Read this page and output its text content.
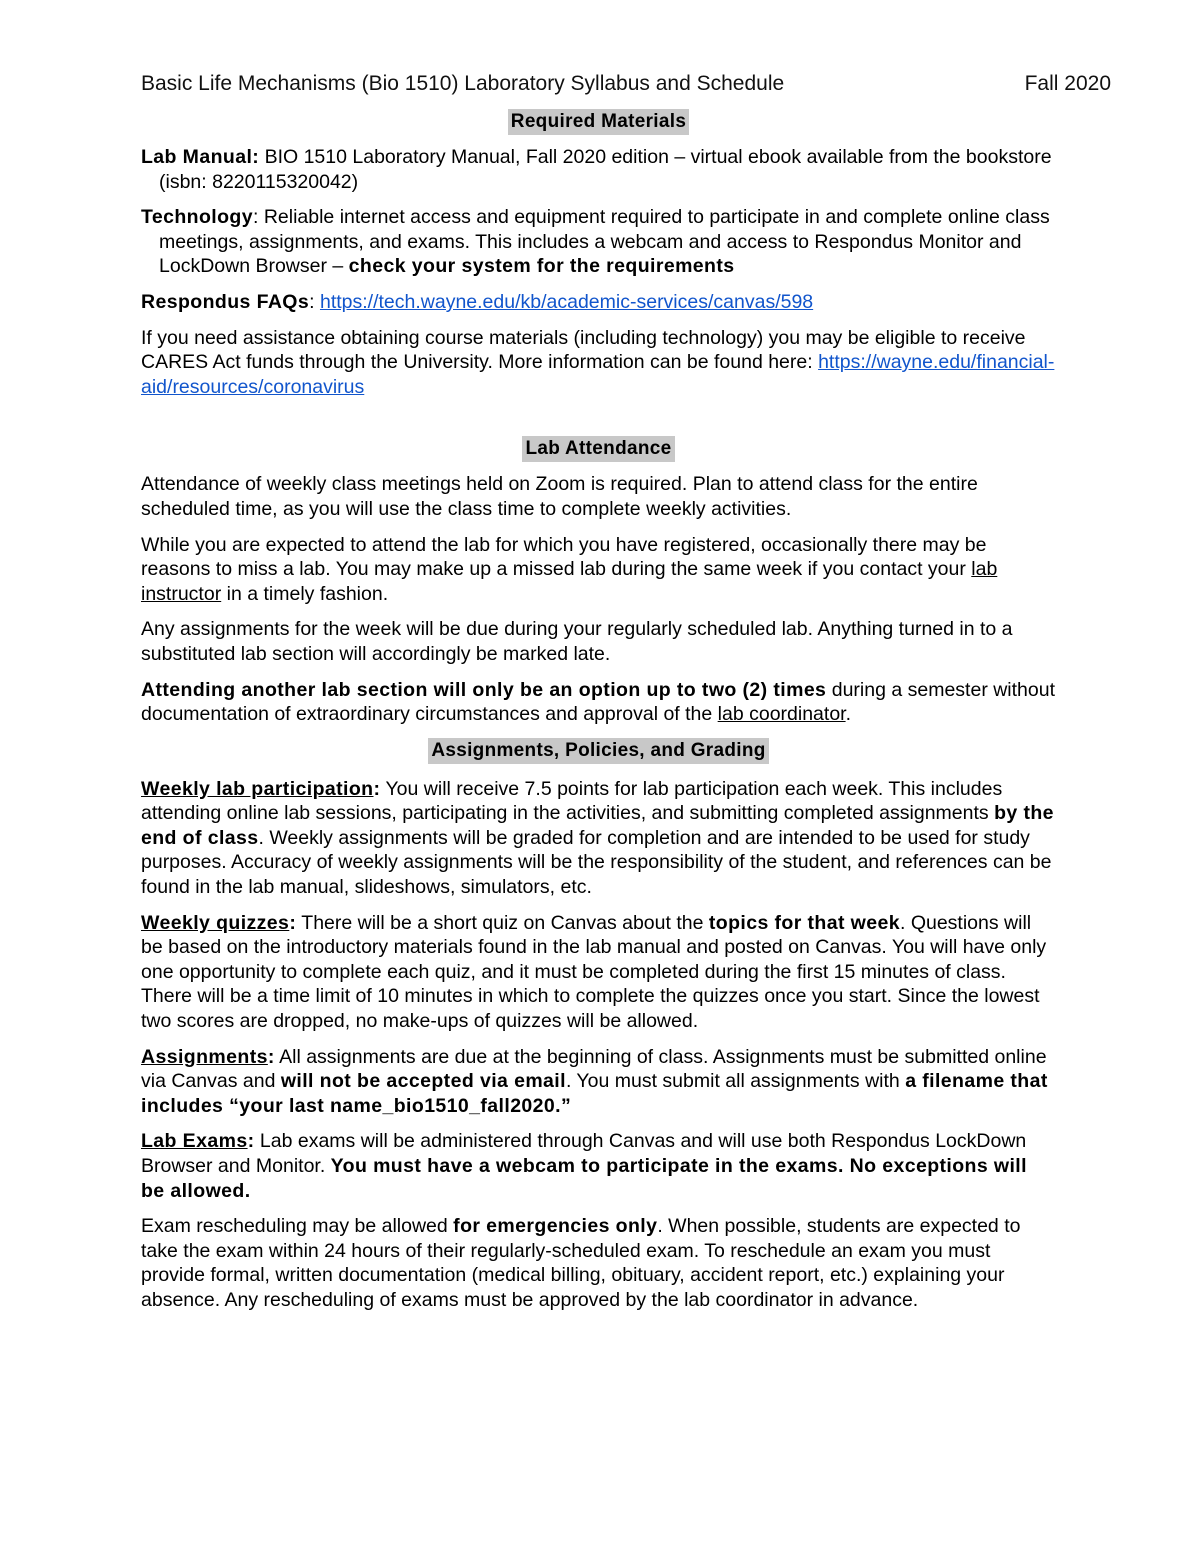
Basic Life Mechanisms (Bio 1510) Laboratory Syllabus and Schedule	Fall 2020
Required Materials

Lab Manual: BIO 1510 Laboratory Manual, Fall 2020 edition – virtual ebook available from the bookstore (isbn: 8220115320042)

Technology: Reliable internet access and equipment required to participate in and complete online class meetings, assignments, and exams. This includes a webcam and access to Respondus Monitor and LockDown Browser – check your system for the requirements

Respondus FAQs: https://tech.wayne.edu/kb/academic-services/canvas/598

If you need assistance obtaining course materials (including technology) you may be eligible to receive CARES Act funds through the University. More information can be found here: https://wayne.edu/financial-aid/resources/coronavirus

Lab Attendance

Attendance of weekly class meetings held on Zoom is required. Plan to attend class for the entire scheduled time, as you will use the class time to complete weekly activities.

While you are expected to attend the lab for which you have registered, occasionally there may be reasons to miss a lab. You may make up a missed lab during the same week if you contact your lab instructor in a timely fashion.

Any assignments for the week will be due during your regularly scheduled lab. Anything turned in to a substituted lab section will accordingly be marked late.

Attending another lab section will only be an option up to two (2) times during a semester without documentation of extraordinary circumstances and approval of the lab coordinator.

Assignments, Policies, and Grading

Weekly lab participation: You will receive 7.5 points for lab participation each week. This includes attending online lab sessions, participating in the activities, and submitting completed assignments by the end of class. Weekly assignments will be graded for completion and are intended to be used for study purposes. Accuracy of weekly assignments will be the responsibility of the student, and references can be found in the lab manual, slideshows, simulators, etc.

Weekly quizzes: There will be a short quiz on Canvas about the topics for that week. Questions will be based on the introductory materials found in the lab manual and posted on Canvas. You will have only one opportunity to complete each quiz, and it must be completed during the first 15 minutes of class. There will be a time limit of 10 minutes in which to complete the quizzes once you start. Since the lowest two scores are dropped, no make-ups of quizzes will be allowed.

Assignments: All assignments are due at the beginning of class. Assignments must be submitted online via Canvas and will not be accepted via email. You must submit all assignments with a filename that includes “your last name_bio1510_fall2020.”

Lab Exams: Lab exams will be administered through Canvas and will use both Respondus LockDown Browser and Monitor. You must have a webcam to participate in the exams. No exceptions will be allowed.

Exam rescheduling may be allowed for emergencies only. When possible, students are expected to take the exam within 24 hours of their regularly-scheduled exam. To reschedule an exam you must provide formal, written documentation (medical billing, obituary, accident report, etc.) explaining your absence. Any rescheduling of exams must be approved by the lab coordinator in advance.
